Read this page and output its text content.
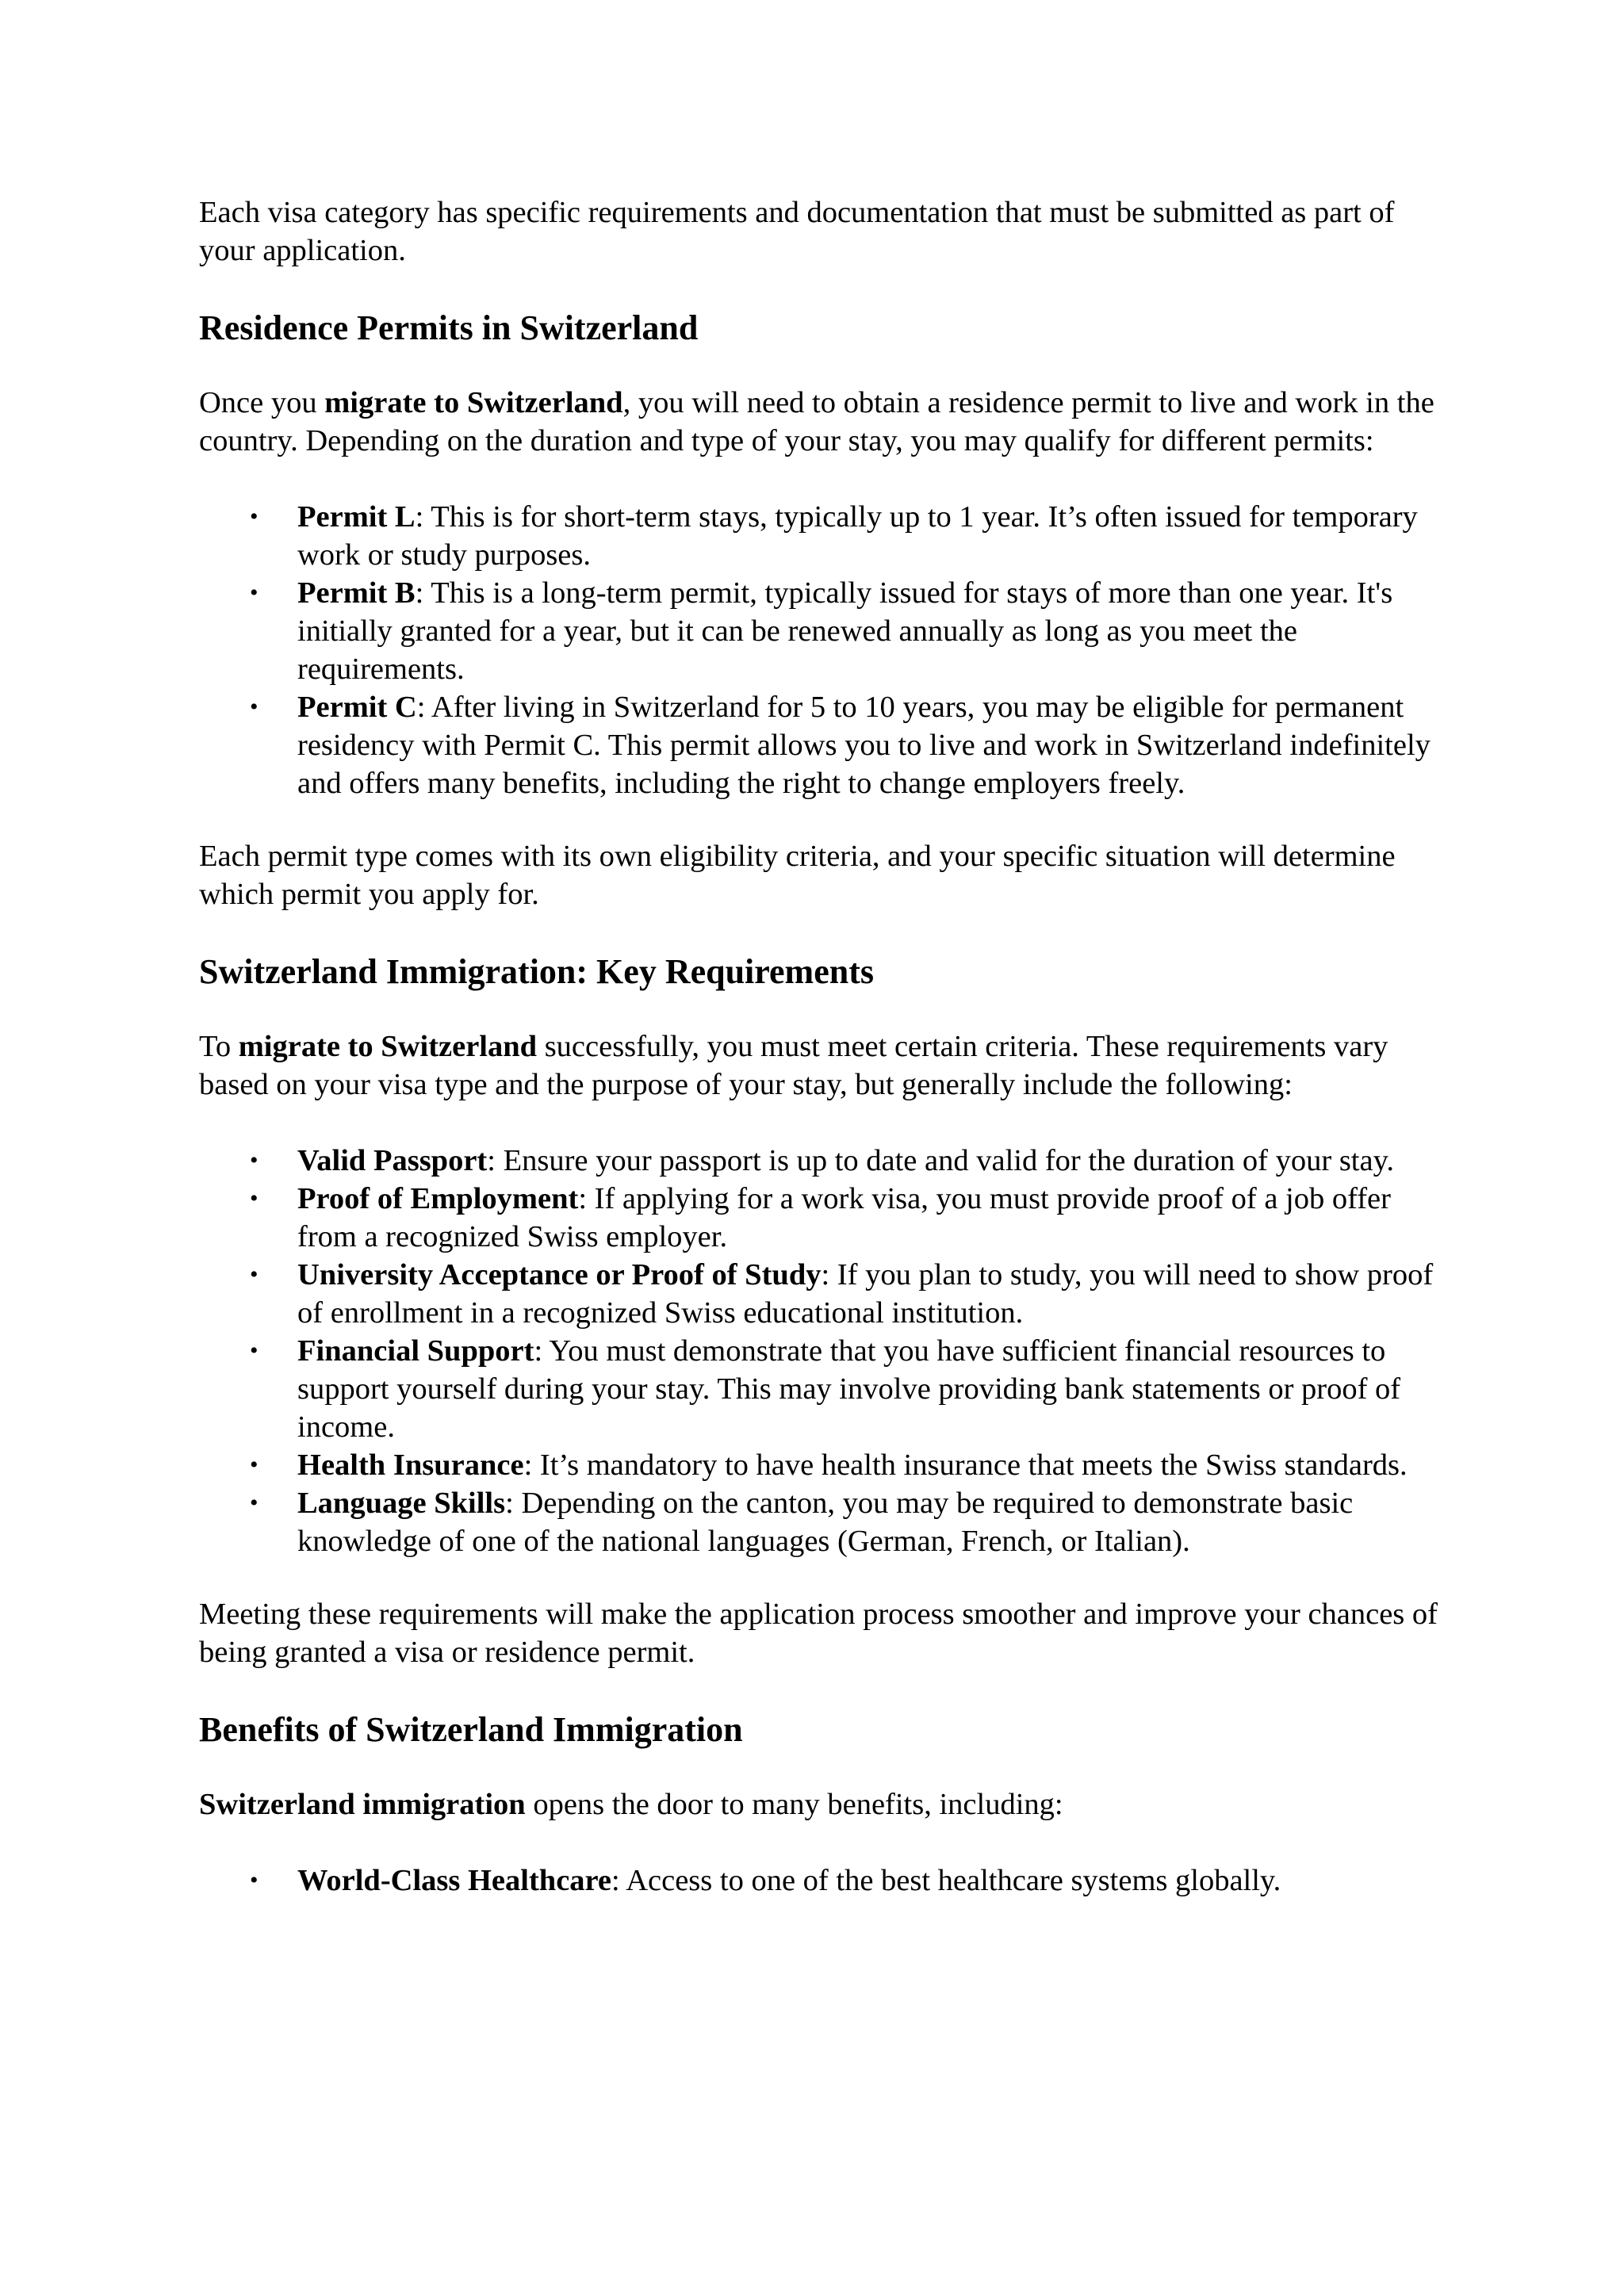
Each visa category has specific requirements and documentation that must be submitted as part of your application.

Residence Permits in Switzerland

Once you migrate to Switzerland, you will need to obtain a residence permit to live and work in the country. Depending on the duration and type of your stay, you may qualify for different permits:

•	Permit L: This is for short-term stays, typically up to 1 year. It’s often issued for temporary work or study purposes.
•	Permit B: This is a long-term permit, typically issued for stays of more than one year. It's initially granted for a year, but it can be renewed annually as long as you meet the requirements.
•	Permit C: After living in Switzerland for 5 to 10 years, you may be eligible for permanent residency with Permit C. This permit allows you to live and work in Switzerland indefinitely and offers many benefits, including the right to change employers freely.

Each permit type comes with its own eligibility criteria, and your specific situation will determine which permit you apply for.

Switzerland Immigration: Key Requirements

To migrate to Switzerland successfully, you must meet certain criteria. These requirements vary based on your visa type and the purpose of your stay, but generally include the following:

•	Valid Passport: Ensure your passport is up to date and valid for the duration of your stay.
•	Proof of Employment: If applying for a work visa, you must provide proof of a job offer from a recognized Swiss employer.
•	University Acceptance or Proof of Study: If you plan to study, you will need to show proof of enrollment in a recognized Swiss educational institution.
•	Financial Support: You must demonstrate that you have sufficient financial resources to support yourself during your stay. This may involve providing bank statements or proof of income.
•	Health Insurance: It’s mandatory to have health insurance that meets the Swiss standards.
•	Language Skills: Depending on the canton, you may be required to demonstrate basic knowledge of one of the national languages (German, French, or Italian).

Meeting these requirements will make the application process smoother and improve your chances of being granted a visa or residence permit.

Benefits of Switzerland Immigration

Switzerland immigration opens the door to many benefits, including:

•	World-Class Healthcare: Access to one of the best healthcare systems globally.
